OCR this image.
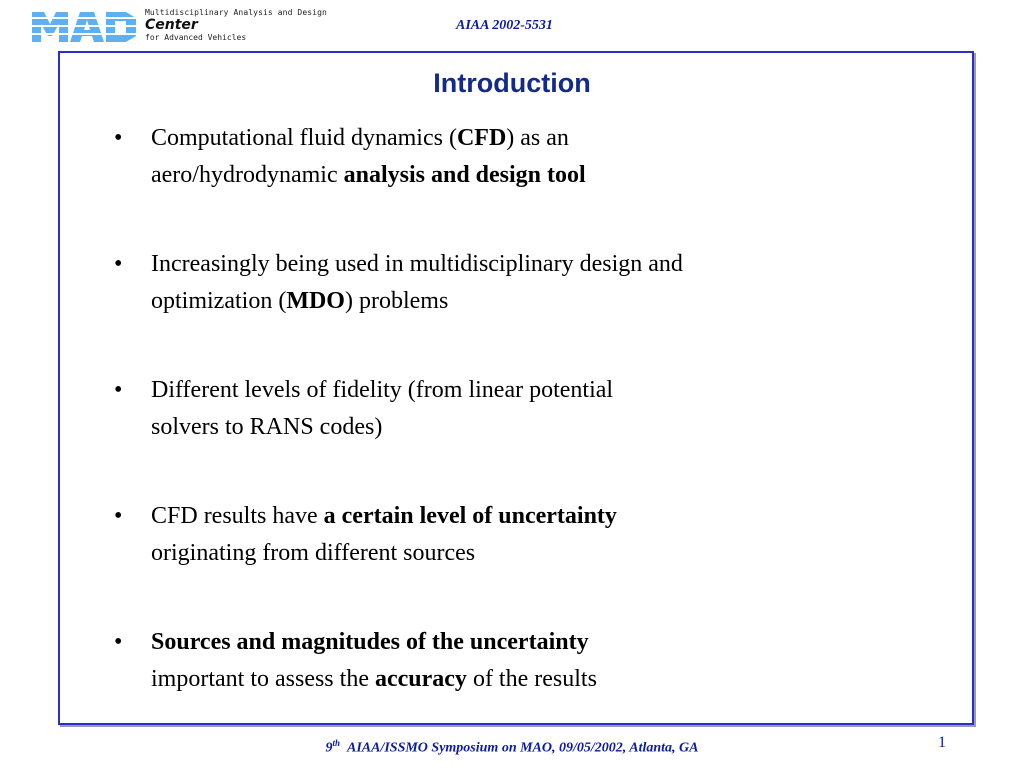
Multidisciplinary Analysis and Design
Center
for Advanced Vehicles
AIAA 2002-5531
Introduction
• Computational fluid dynamics (CFD) as an
aero/hydrodynamic analysis and design tool
• Increasingly being used in multidisciplinary design and
optimization (MDO) problems
• Different levels of fidelity (from linear potential
solvers to RANS codes)
• CFD results have a certain level of uncertainty
originating from different sources
• Sources and magnitudes of the uncertainty
important to assess the accuracy of the results
9th AIAA/ISSMO Symposium on MAO, 09/05/2002, Atlanta, GA	1
